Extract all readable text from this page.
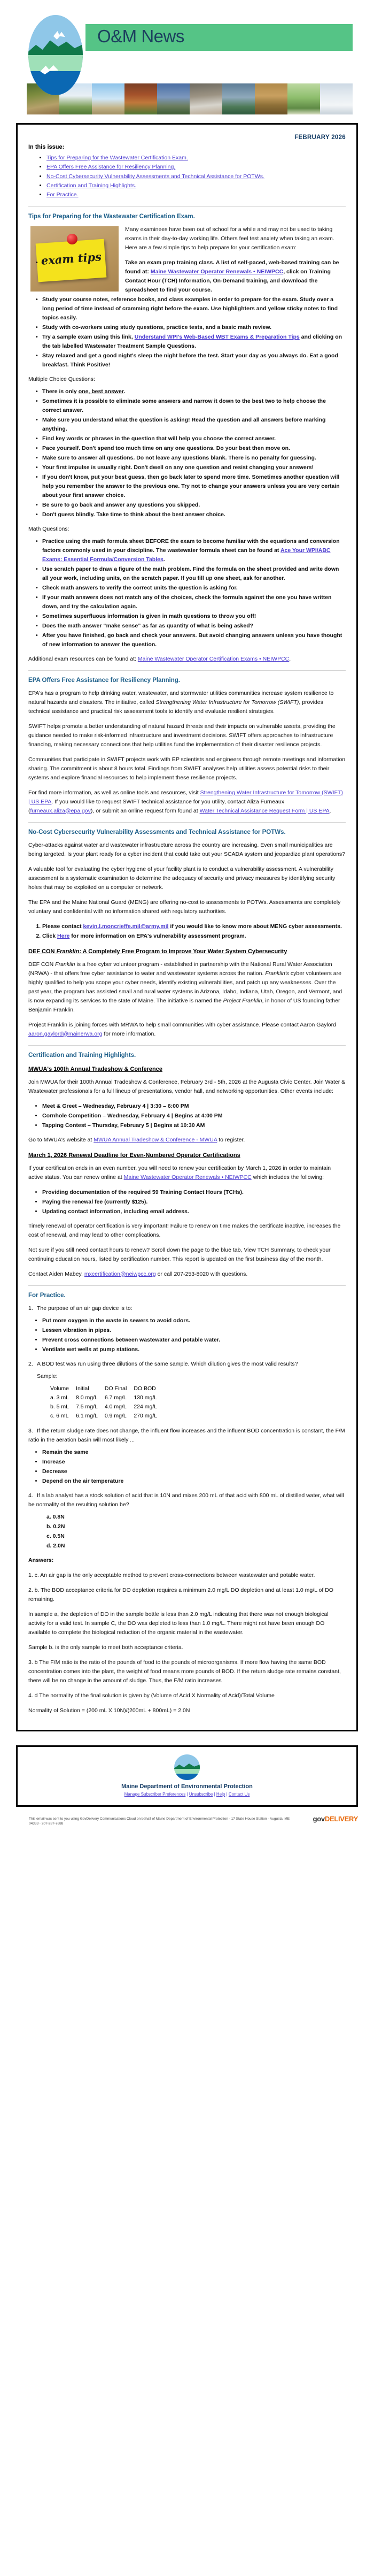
O&M News
FEBRUARY 2026
In this issue:
• Tips for Preparing for the Wastewater Certification Exam.
• EPA Offers Free Assistance for Resiliency Planning.
• No-Cost Cybersecurity Vulnerability Assessments and Technical Assistance for POTWs.
• Certification and Training Highlights.
• For Practice.
Tips for Preparing for the Wastewater Certification Exam.
exam tips

Many examinees have been out of school for a while and may not be used to taking exams in their day-to-day working life. Others feel test anxiety when taking an exam. Here are a few simple tips to help prepare for your certification exam:

• Take an exam prep training class. A list of self-paced, web-based training can be found at: Maine Wastewater Operator Renewals • NEIWPCC, click on Training Contact Hour (TCH) Information, On-Demand training, and download the spreadsheet to find your course.
• Study your course notes, reference books, and class examples in order to prepare for the exam. Study over a long period of time instead of cramming right before the exam. Use highlighters and yellow sticky notes to find topics easily.
• Study with co-workers using study questions, practice tests, and a basic math review.
• Try a sample exam using this link, Understand WPI's Web-Based WBT Exams & Preparation Tips and clicking on the tab labelled Wastewater Treatment Sample Questions.
• Stay relaxed and get a good night's sleep the night before the test. Start your day as you always do. Eat a good breakfast. Think Positive!

Multiple Choice Questions:

• There is only one, best answer.
• Sometimes it is possible to eliminate some answers and narrow it down to the best two to help choose the correct answer.
• Make sure you understand what the question is asking! Read the question and all answers before marking anything.
• Find key words or phrases in the question that will help you choose the correct answer.
• Pace yourself. Don't spend too much time on any one questions. Do your best then move on.
• Make sure to answer all questions. Do not leave any questions blank. There is no penalty for guessing.
• Your first impulse is usually right. Don't dwell on any one question and resist changing your answers!
• If you don't know, put your best guess, then go back later to spend more time. Sometimes another question will help you remember the answer to the previous one. Try not to change your answers unless you are very certain about your first answer choice.
• Be sure to go back and answer any questions you skipped.
• Don't guess blindly. Take time to think about the best answer choice.

Math Questions:

• Practice using the math formula sheet BEFORE the exam to become familiar with the equations and conversion factors commonly used in your discipline. The wastewater formula sheet can be found at Ace Your WPI/ABC Exams: Essential Formula/Conversion Tables.
• Use scratch paper to draw a figure of the math problem. Find the formula on the sheet provided and write down all your work, including units, on the scratch paper. If you fill up one sheet, ask for another.
• Check math answers to verify the correct units the question is asking for.
• If your math answers does not match any of the choices, check the formula against the one you have written down, and try the calculation again.
• Sometimes superfluous information is given in math questions to throw you off!
• Does the math answer “make sense” as far as quantity of what is being asked?
• After you have finished, go back and check your answers. But avoid changing answers unless you have thought of new information to answer the question.

Additional exam resources can be found at: Maine Wastewater Operator Certification Exams • NEIWPCC.

EPA Offers Free Assistance for Resiliency Planning.

EPA's has a program to help drinking water, wastewater, and stormwater utilities communities increase system resilience to natural hazards and disasters. The initiative, called Strengthening Water Infrastructure for Tomorrow (SWIFT), provides technical assistance and practical risk assessment tools to identify and evaluate resilient strategies.

SWIFT helps promote a better understanding of natural hazard threats and their impacts on vulnerable assets, providing the guidance needed to make risk-informed infrastructure and investment decisions. SWIFT offers approaches to infrastructure financing, making necessary connections that help utilities fund the implementation of their disaster resilience projects.

Communities that participate in SWIFT projects work with EP scientists and engineers through remote meetings and information sharing. The commitment is about 8 hours total. Findings from SWIFT analyses help utilities assess potential risks to their systems and explore financial resources to help implement these resilience projects.

For find more information, as well as online tools and resources, visit Strengthening Water Infrastructure for Tomorrow (SWIFT) | US EPA. If you would like to request SWIFT technical assistance for you utility, contact Aliza Furneaux (furneaux.aliza@epa.gov), or submit an online request form found at Water Technical Assistance Request Form | US EPA.

No-Cost Cybersecurity Vulnerability Assessments and Technical Assistance for POTWs.

Cyber-attacks against water and wastewater infrastructure across the country are increasing. Even small municipalities are being targeted. Is your plant ready for a cyber incident that could take out your SCADA system and jeopardize plant operations?

A valuable tool for evaluating the cyber hygiene of your facility plant is to conduct a vulnerability assessment. A vulnerability assessment is a systematic examination to determine the adequacy of security and privacy measures by identifying security holes that may be exploited on a computer or network.

The EPA and the Maine National Guard (MENG) are offering no-cost to assessments to POTWs. Assessments are completely voluntary and confidential with no information shared with regulatory authorities.

1. Please contact kevin.l.moncrieffe.mil@army.mil if you would like to know more about MENG cyber assessments.
2. Click Here for more information on EPA's vulnerability assessment program.
DEF CON Franklin: A Completely Free Program to Improve Your Water System Cybersecurity

DEF CON Franklin is a free cyber volunteer program - established in partnership with the National Rural Water Association (NRWA) - that offers free cyber assistance to water and wastewater systems across the nation. Franklin's cyber volunteers are highly qualified to help you scope your cyber needs, identify existing vulnerabilities, and patch up any weaknesses. Over the past year, the program has assisted small and rural water systems in Arizona, Idaho, Indiana, Utah, Oregon, and Vermont, and is now expanding its services to the state of Maine. The initiative is named the Project Franklin, in honor of US founding father Benjamin Franklin.

Project Franklin is joining forces with MRWA to help small communities with cyber assistance. Please contact Aaron Gaylord aaron.gaylord@mainerwa.org for more information.

Certification and Training Highlights.
MWUA's 100th Annual Tradeshow & Conference

Join MWUA for their 100th Annual Tradeshow & Conference, February 3rd - 5th, 2026 at the Augusta Civic Center. Join Water & Wastewater professionals for a full lineup of presentations, vendor hall, and networking opportunities. Other events include:

• Meet & Greet – Wednesday, February 4 | 3:30 – 6:00 PM
• Cornhole Competition – Wednesday, February 4 | Begins at 4:00 PM
• Tapping Contest – Thursday, February 5 | Begins at 10:30 AM

Go to MWUA's website at MWUA Annual Tradeshow & Conference - MWUA to register.

March 1, 2026 Renewal Deadline for Even-Numbered Operator Certifications

If your certification ends in an even number, you will need to renew your certification by March 1, 2026 in order to maintain active status. You can renew online at Maine Wastewater Operator Renewals • NEIWPCC which includes the following:

• Providing documentation of the required 59 Training Contact Hours (TCHs).
• Paying the renewal fee (currently $125).
• Updating contact information, including email address.

Timely renewal of operator certification is very important! Failure to renew on time makes the certificate inactive, increases the cost of renewal, and may lead to other complications.

Not sure if you still need contact hours to renew? Scroll down the page to the blue tab, View TCH Summary, to check your continuing education hours, listed by certification number. This report is updated on the first business day of the month.

Contact Aiden Mabey, mxcertification@neiwpcc.org or call 207-253-8020 with questions.

For Practice.

1. The purpose of an air gap device is to:

• Put more oxygen in the waste in sewers to avoid odors.
• Lessen vibration in pipes.
• Prevent cross connections between wastewater and potable water.
• Ventilate wet wells at pump stations.

2. A BOD test was run using three dilutions of the same sample. Which dilution gives the most valid results?

Sample:

	Volume	Initial	DO Final	DO BOD
	a. 3 mL	8.0 mg/L	6.7 mg/L	130 mg/L
	b. 5 mL	7.5 mg/L	4.0 mg/L	224 mg/L
	c. 6 mL	6.1 mg/L	0.9 mg/L	270 mg/L

3. If the return sludge rate does not change, the influent flow increases and the influent BOD concentration is constant, the F/M ratio in the aeration basin will most likely ...

• Remain the same
• Increase
• Decrease
• Depend on the air temperature

4. If a lab analyst has a stock solution of acid that is 10N and mixes 200 mL of that acid with 800 mL of distilled water, what will be normality of the resulting solution be?

a. 0.8N
b. 0.2N
c. 0.5N
d. 2.0N

Answers:

1. c. An air gap is the only acceptable method to prevent cross-connections between wastewater and potable water.

2. b. The BOD acceptance criteria for DO depletion requires a minimum 2.0 mg/L DO depletion and at least 1.0 mg/L of DO remaining.

In sample a, the depletion of DO in the sample bottle is less than 2.0 mg/L indicating that there was not enough biological activity for a valid test. In sample C, the DO was depleted to less than 1.0 mg/L. There might not have been enough DO available to complete the biological reduction of the organic material in the wastewater.

Sample b. is the only sample to meet both acceptance criteria.

3. b The F/M ratio is the ratio of the pounds of food to the pounds of microorganisms. If more flow having the same BOD concentration comes into the plant, the weight of food means more pounds of BOD. If the return sludge rate remains constant, there will be no change in the amount of sludge. Thus, the F/M ratio increases

4. d The normality of the final solution is given by (Volume of Acid X Normality of Acid)/Total Volume

Normality of Solution = (200 mL X 10N)/(200mL + 800mL) = 2.0N

Maine Department of Environmental Protection
Manage Subscriber Preferences | Unsubscribe | Help | Contact Us
This email was sent to you using GovDelivery Communications Cloud on behalf of Maine Department of Environmental Protection · 17 State House Station · Augusta, ME 04333 · 207-287-7688
govDELIVERY
